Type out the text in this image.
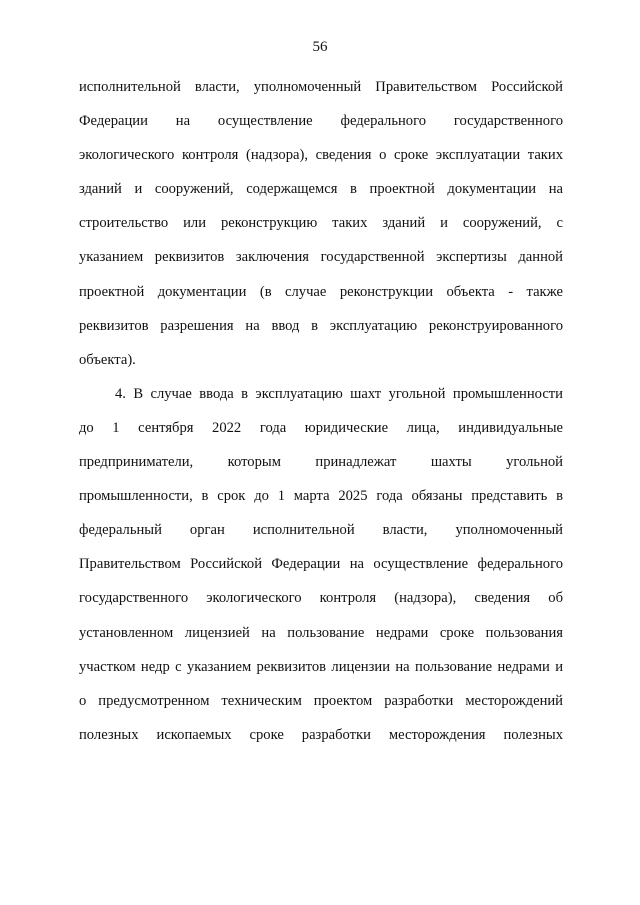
56
исполнительной власти, уполномоченный Правительством Российской
Федерации на осуществление федерального государственного
экологического контроля (надзора), сведения о сроке эксплуатации таких
зданий и сооружений, содержащемся в проектной документации на
строительство или реконструкцию таких зданий и сооружений, с
указанием реквизитов заключения государственной экспертизы данной
проектной документации (в случае реконструкции объекта - также
реквизитов разрешения на ввод в эксплуатацию реконструированного
объекта).
4. В случае ввода в эксплуатацию шахт угольной промышленности
до 1 сентября 2022 года юридические лица, индивидуальные
предприниматели, которым принадлежат шахты угольной
промышленности, в срок до 1 марта 2025 года обязаны представить в
федеральный орган исполнительной власти, уполномоченный
Правительством Российской Федерации на осуществление федерального
государственного экологического контроля (надзора), сведения об
установленном лицензией на пользование недрами сроке пользования
участком недр с указанием реквизитов лицензии на пользование недрами и
о предусмотренном техническим проектом разработки месторождений
полезных ископаемых сроке разработки месторождения полезных
